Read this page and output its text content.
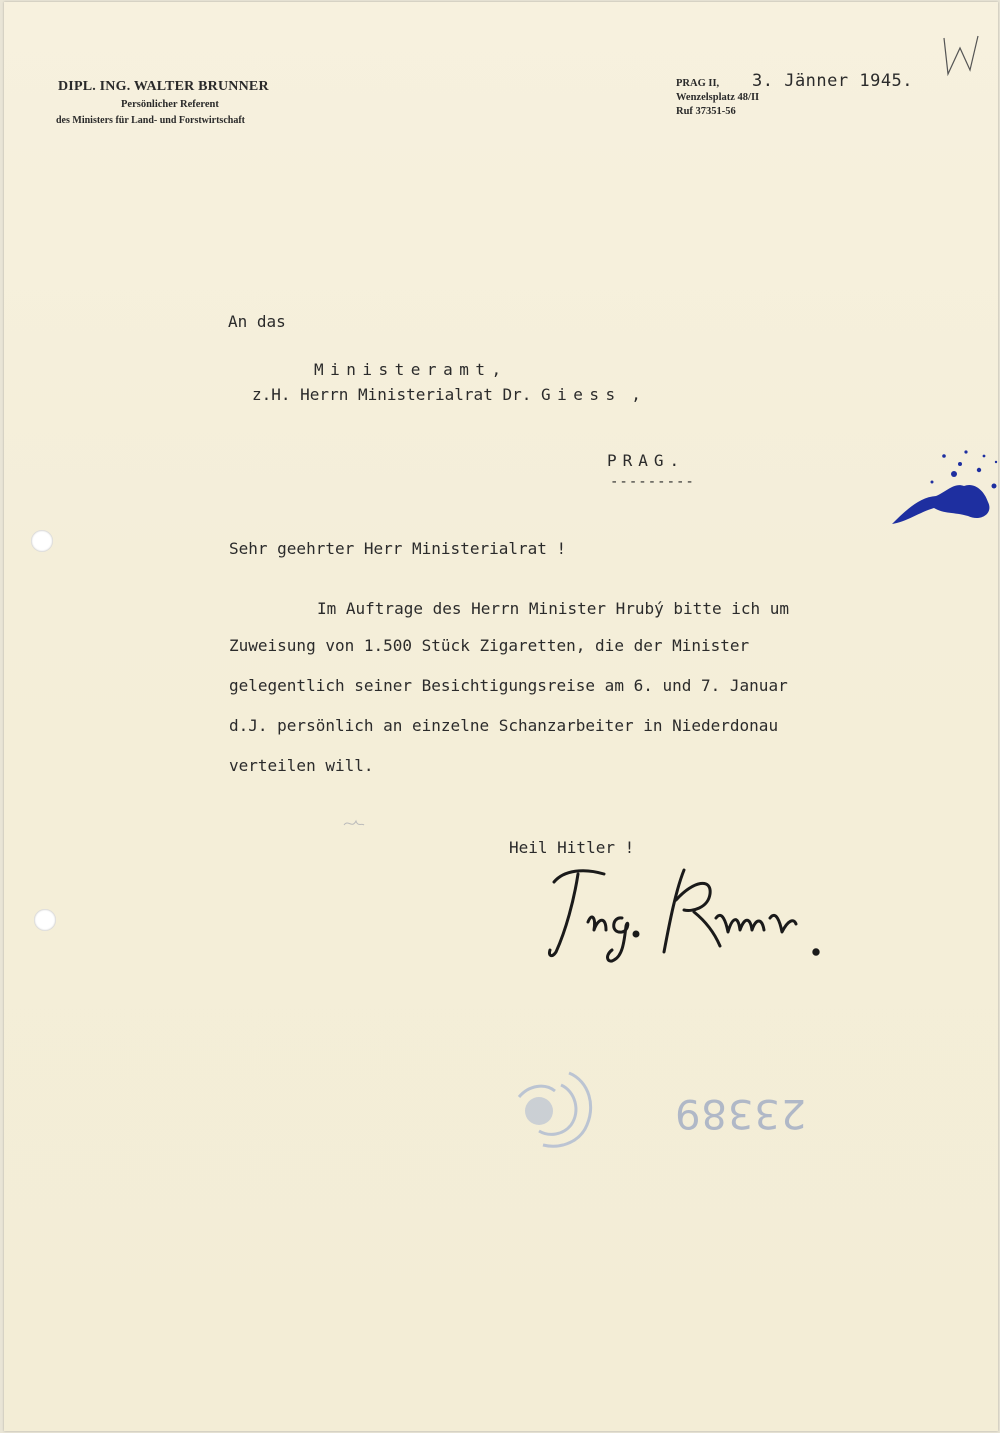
DIPL. ING. WALTER BRUNNER
Persönlicher Referent
des Ministers für Land- und Forstwirtschaft
PRAG II, 3. Jänner 1945.
Wenzelsplatz 48/II
Ruf 37351-56
An das
Ministeramt,
z.H. Herrn Ministerialrat Dr. Giess ,
PRAG.
---------
Sehr geehrter Herr Ministerialrat !
Im Auftrage des Herrn Minister Hrubý bitte ich um
Zuweisung von 1.500 Stück Zigaretten, die der Minister
gelegentlich seiner Besichtigungsreise am 6. und 7. Januar
d.J. persönlich an einzelne Schanzarbeiter in Niederdonau
verteilen will.
Heil Hitler !
23389
